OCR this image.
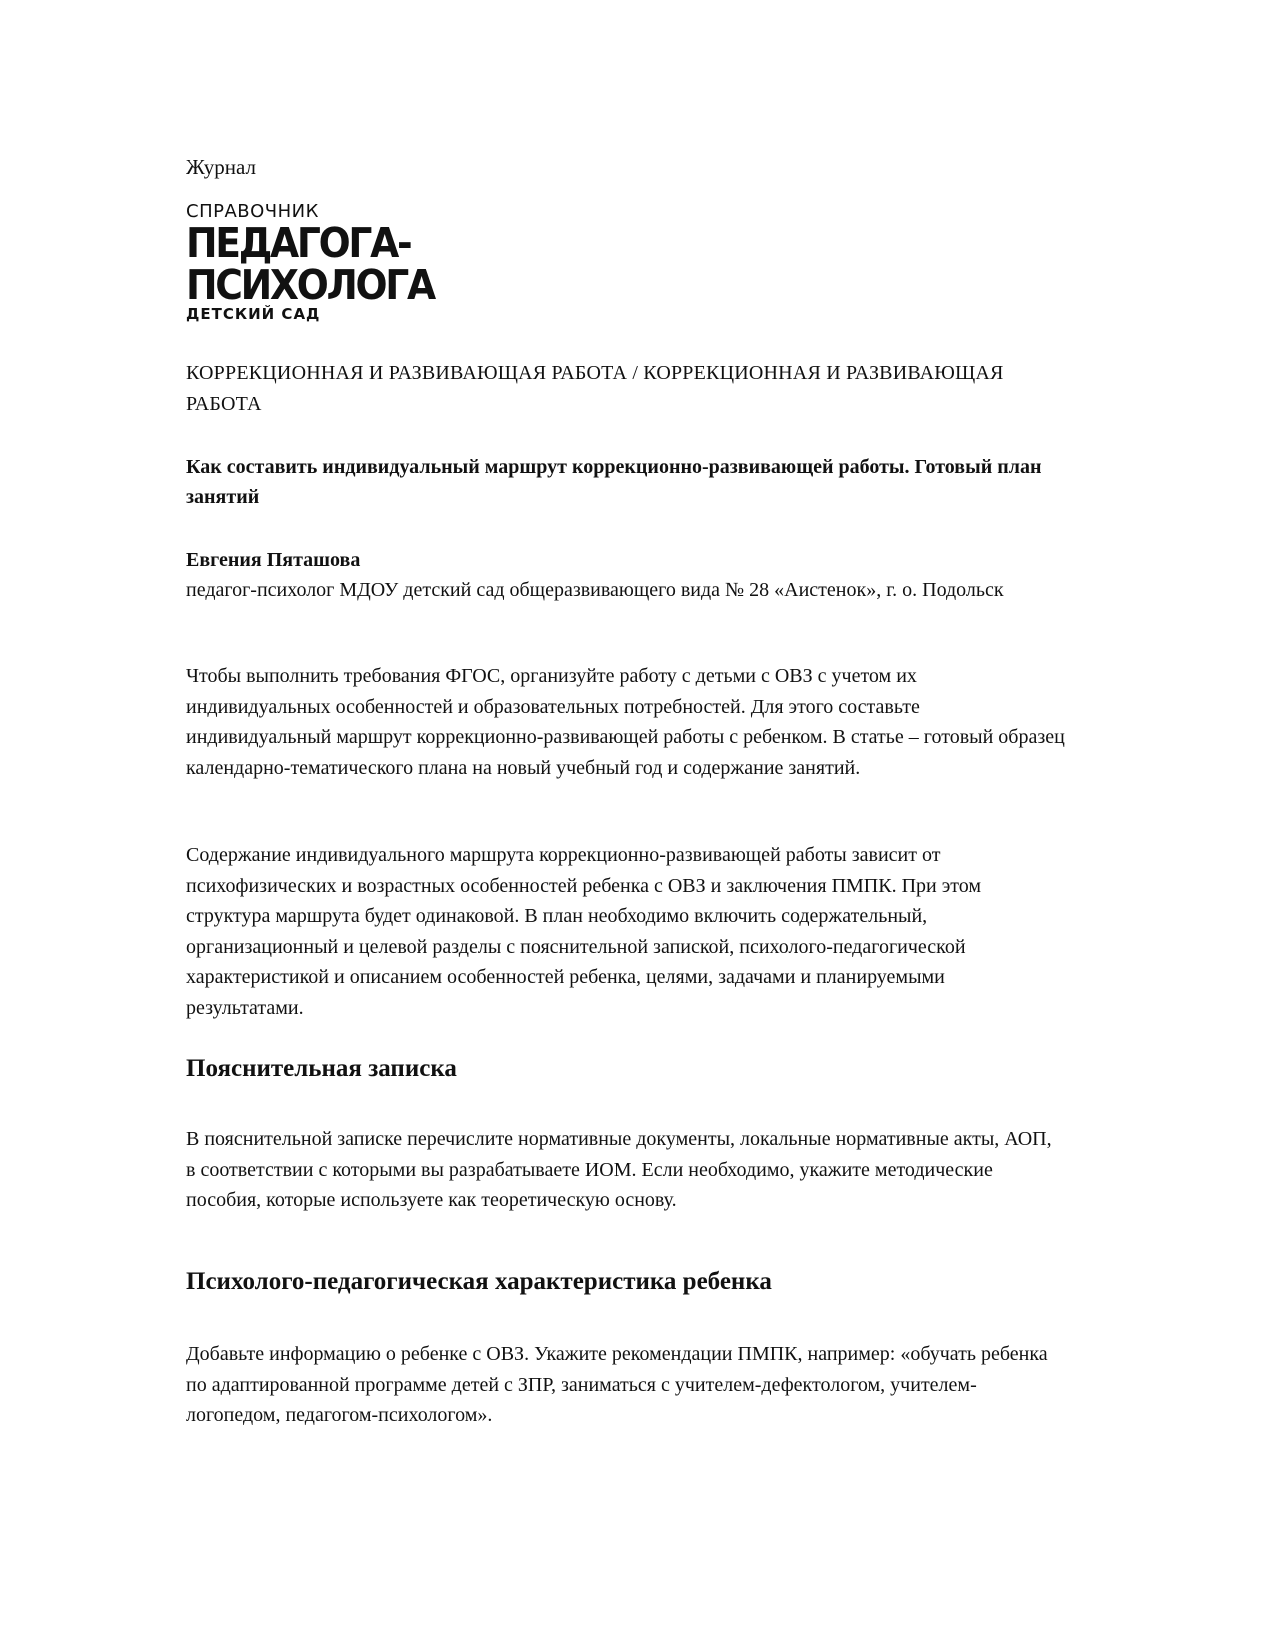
Журнал
СПРАВОЧНИК
ПЕДАГОГА-
ПСИХОЛОГА
ДЕТСКИЙ САД
КОРРЕКЦИОННАЯ И РАЗВИВАЮЩАЯ РАБОТА / КОРРЕКЦИОННАЯ И РАЗВИВАЮЩАЯ РАБОТА
Как составить индивидуальный маршрут коррекционно-развивающей работы. Готовый план занятий
Евгения Пяташова
педагог-психолог МДОУ детский сад общеразвивающего вида № 28 «Аистенок», г. о. Подольск

Чтобы выполнить требования ФГОС, организуйте работу с детьми с ОВЗ с учетом их индивидуальных особенностей и образовательных потребностей. Для этого составьте индивидуальный маршрут коррекционно-развивающей работы с ребенком. В статье – готовый образец календарно-тематического плана на новый учебный год и содержание занятий.

Содержание индивидуального маршрута коррекционно-развивающей работы зависит от психофизических и возрастных особенностей ребенка с ОВЗ и заключения ПМПК. При этом структура маршрута будет одинаковой. В план необходимо включить содержательный, организационный и целевой разделы с пояснительной запиской, психолого-педагогической характеристикой и описанием особенностей ребенка, целями, задачами и планируемыми результатами.

Пояснительная записка

В пояснительной записке перечислите нормативные документы, локальные нормативные акты, АОП, в соответствии с которыми вы разрабатываете ИОМ. Если необходимо, укажите методические пособия, которые используете как теоретическую основу.

Психолого-педагогическая характеристика ребенка

Добавьте информацию о ребенке с ОВЗ. Укажите рекомендации ПМПК, например: «обучать ребенка по адаптированной программе детей с ЗПР, заниматься с учителем-дефектологом, учителем-логопедом, педагогом-психологом».
